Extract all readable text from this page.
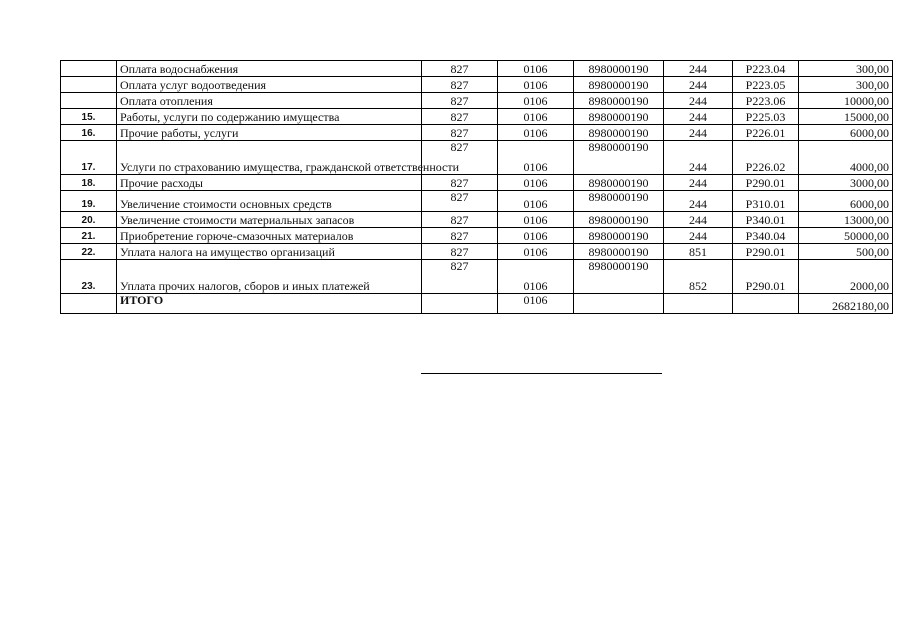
	Оплата водоснабжения	827	0106	8980000190	244	Р223.04	300,00
	Оплата услуг водоотведения	827	0106	8980000190	244	Р223.05	300,00
	Оплата отопления	827	0106	8980000190	244	Р223.06	10000,00
15.	Работы, услуги по содержанию имущества	827	0106	8980000190	244	Р225.03	15000,00
16.	Прочие работы, услуги	827	0106	8980000190	244	Р226.01	6000,00
17.	Услуги по страхованию имущества, гражданской ответственности	827	0106	8980000190	244	Р226.02	4000,00
18.	Прочие расходы	827	0106	8980000190	244	Р290.01	3000,00
19.	Увеличение стоимости основных средств	827	0106	8980000190	244	Р310.01	6000,00
20.	Увеличение стоимости материальных запасов	827	0106	8980000190	244	Р340.01	13000,00
21.	Приобретение горюче-смазочных материалов	827	0106	8980000190	244	Р340.04	50000,00
22.	Уплата налога на имущество организаций	827	0106	8980000190	851	Р290.01	500,00
23.	Уплата прочих налогов, сборов и иных платежей	827	0106	8980000190	852	Р290.01	2000,00
	ИТОГО		0106				2682180,00
